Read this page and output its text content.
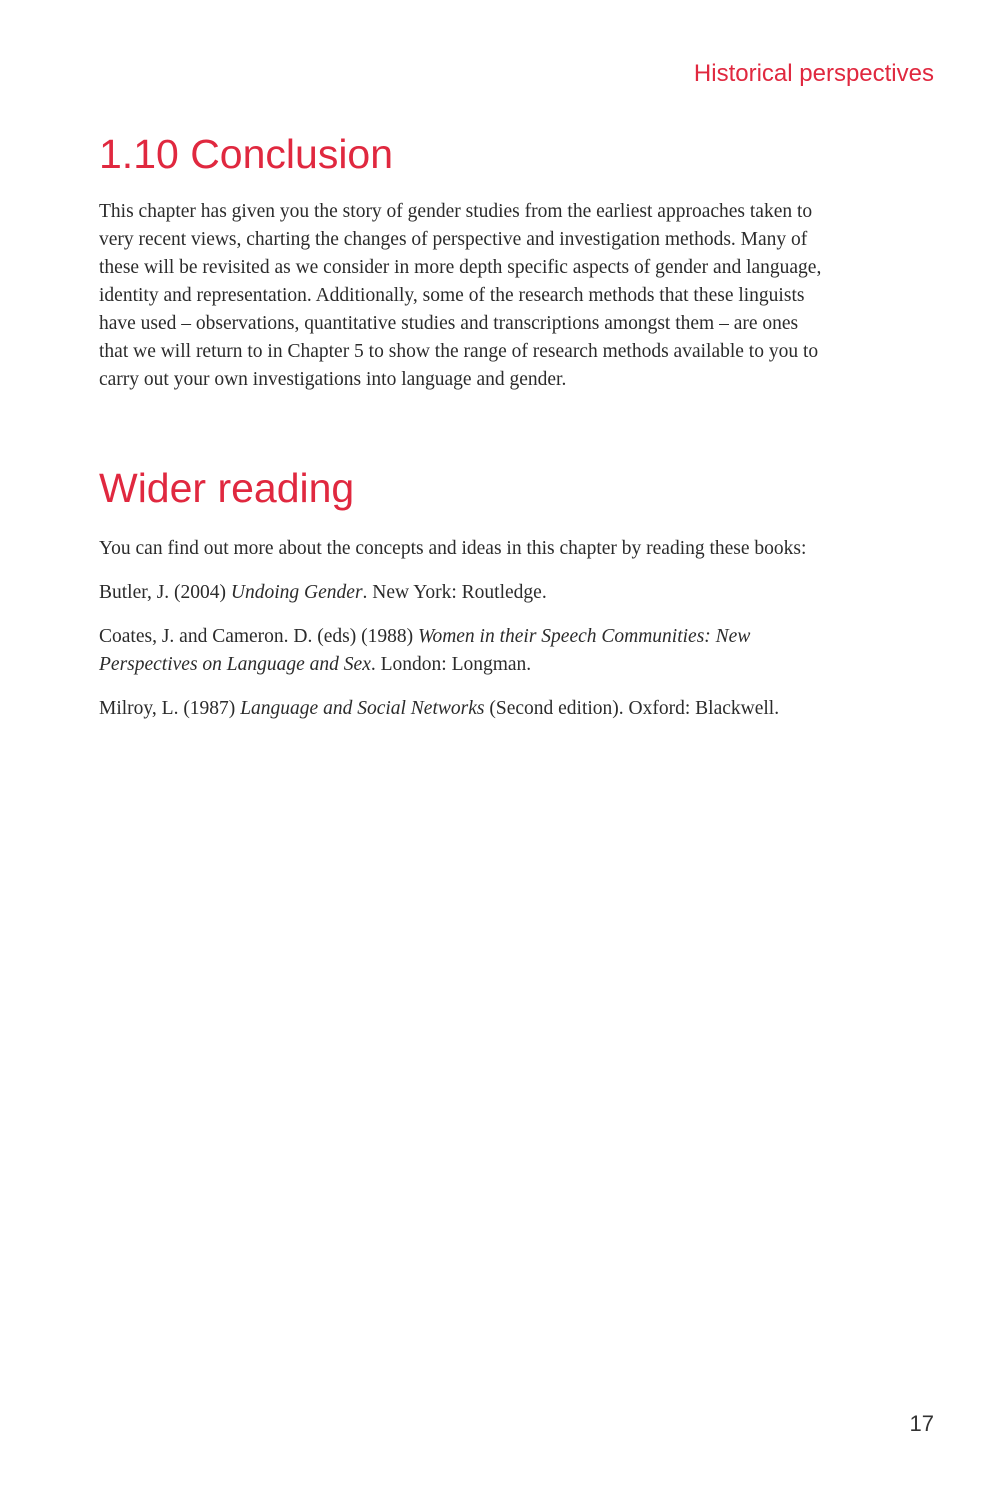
Historical perspectives
1.10 Conclusion

This chapter has given you the story of gender studies from the earliest approaches taken to very recent views, charting the changes of perspective and investigation methods. Many of these will be revisited as we consider in more depth specific aspects of gender and language, identity and representation. Additionally, some of the research methods that these linguists have used – observations, quantitative studies and transcriptions amongst them – are ones that we will return to in Chapter 5 to show the range of research methods available to you to carry out your own investigations into language and gender.

Wider reading

You can find out more about the concepts and ideas in this chapter by reading these books:

Butler, J. (2004) Undoing Gender. New York: Routledge.

Coates, J. and Cameron. D. (eds) (1988) Women in their Speech Communities: New Perspectives on Language and Sex. London: Longman.

Milroy, L. (1987) Language and Social Networks (Second edition). Oxford: Blackwell.

17
